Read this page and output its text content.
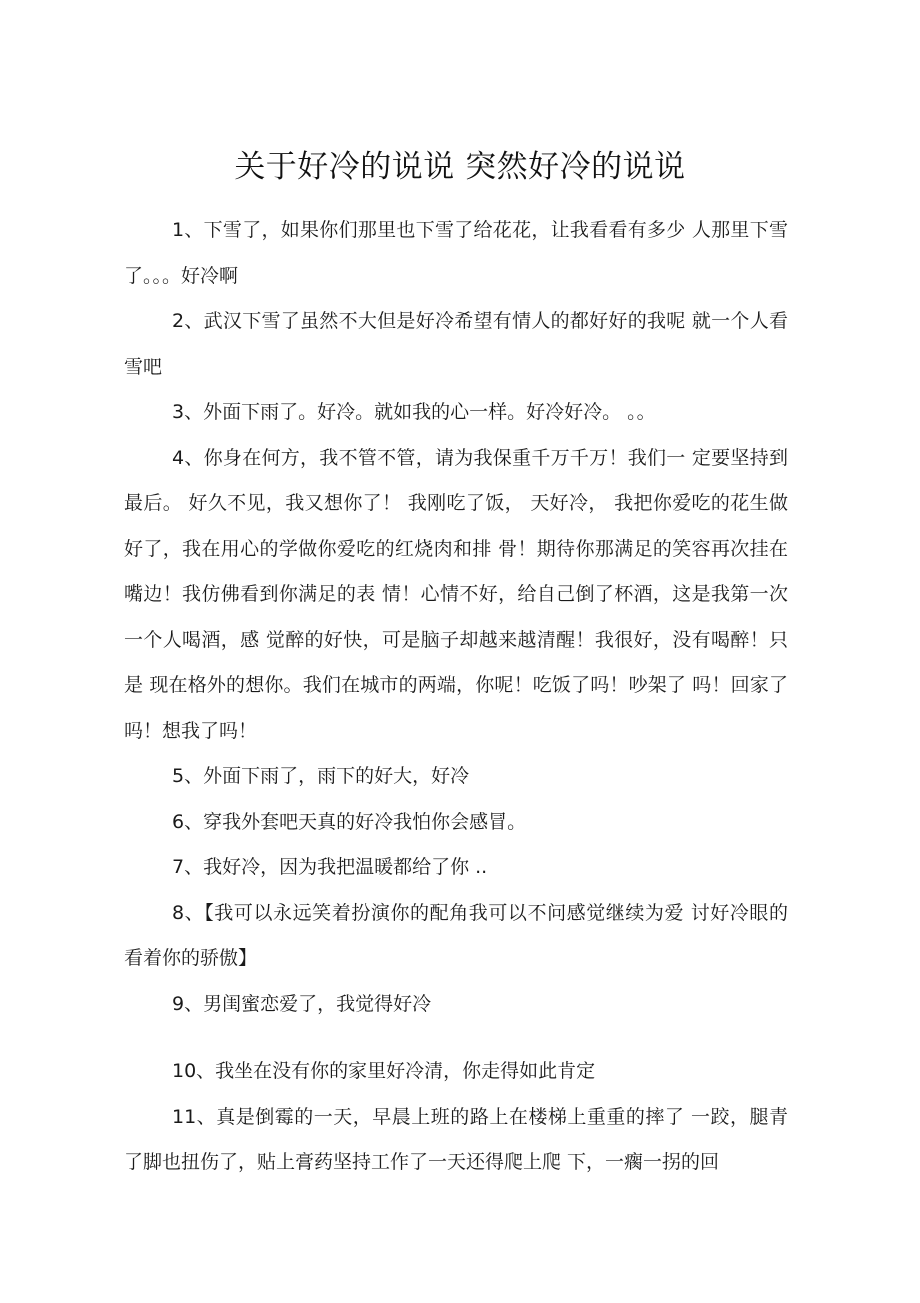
关于好冷的说说 突然好冷的说说

1、下雪了，如果你们那里也下雪了给花花，让我看看有多少 人那里下雪了。。。好冷啊

2、武汉下雪了虽然不大但是好冷希望有情人的都好好的我呢 就一个人看雪吧

3、外面下雨了。好冷。就如我的心一样。好冷好冷。 。。

4、你身在何方，我不管不管，请为我保重千万千万！我们一 定要坚持到最后。 好久不见，我又想你了！ 我刚吃了饭， 天好冷， 我把你爱吃的花生做好了，我在用心的学做你爱吃的红烧肉和排 骨！期待你那满足的笑容再次挂在嘴边！我仿佛看到你满足的表 情！心情不好，给自己倒了杯酒，这是我第一次一个人喝酒，感 觉醉的好快，可是脑子却越来越清醒！我很好，没有喝醉！只是 现在格外的想你。我们在城市的两端，你呢！吃饭了吗！吵架了 吗！回家了吗！想我了吗！

5、外面下雨了，雨下的好大，好冷

6、穿我外套吧天真的好冷我怕你会感冒。

7、我好冷，因为我把温暖都给了你 ..

8、【我可以永远笑着扮演你的配角我可以不问感觉继续为爱 讨好冷眼的看着你的骄傲】

9、男闺蜜恋爱了，我觉得好冷

10、我坐在没有你的家里好冷清，你走得如此肯定

11、真是倒霉的一天，早晨上班的路上在楼梯上重重的摔了 一跤，腿青了脚也扭伤了，贴上膏药坚持工作了一天还得爬上爬 下，一瘸一拐的回
